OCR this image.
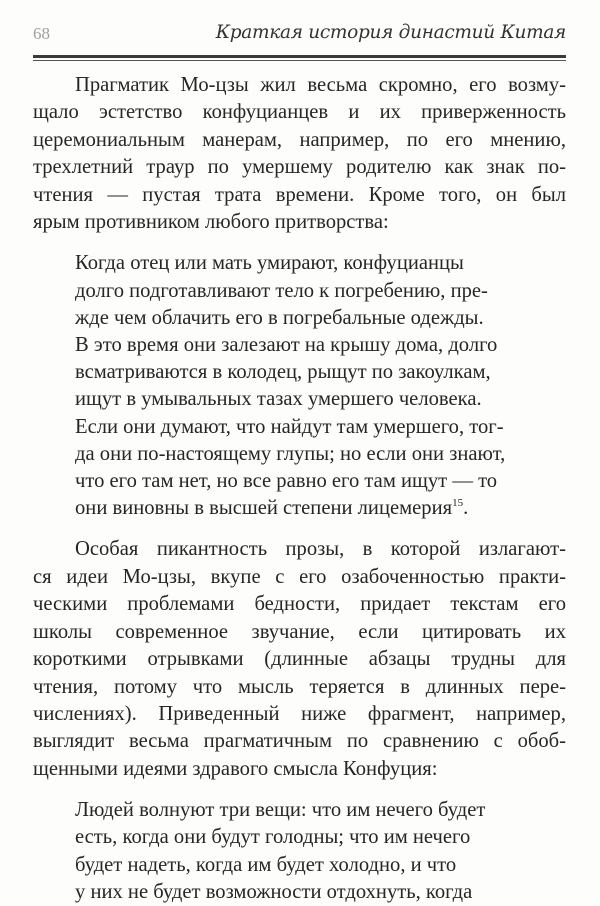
68	Краткая история династий Китая
Прагматик Мо-цзы жил весьма скромно, его возму-
щало эстетство конфуцианцев и их приверженность
церемониальным манерам, например, по его мнению,
трехлетний траур по умершему родителю как знак по-
чтения — пустая трата времени. Кроме того, он был
ярым противником любого притворства:
Когда отец или мать умирают, конфуцианцы
долго подготавливают тело к погребению, пре-
жде чем облачить его в погребальные одежды.
В это время они залезают на крышу дома, долго
всматриваются в колодец, рыщут по закоулкам,
ищут в умывальных тазах умершего человека.
Если они думают, что найдут там умершего, тог-
да они по-настоящему глупы; но если они знают,
что его там нет, но все равно его там ищут — то
они виновны в высшей степени лицемерия$^{15}$.
Особая пикантность прозы, в которой излагают-
ся идеи Мо-цзы, вкупе с его озабоченностью практи-
ческими проблемами бедности, придает текстам его
школы современное звучание, если цитировать их
короткими отрывками (длинные абзацы трудны для
чтения, потому что мысль теряется в длинных пере-
числениях). Приведенный ниже фрагмент, например,
выглядит весьма прагматичным по сравнению с обоб-
щенными идеями здравого смысла Конфуция:
Людей волнуют три вещи: что им нечего будет
есть, когда они будут голодны; что им нечего
будет надеть, когда им будет холодно, и что
у них не будет возможности отдохнуть, когда
